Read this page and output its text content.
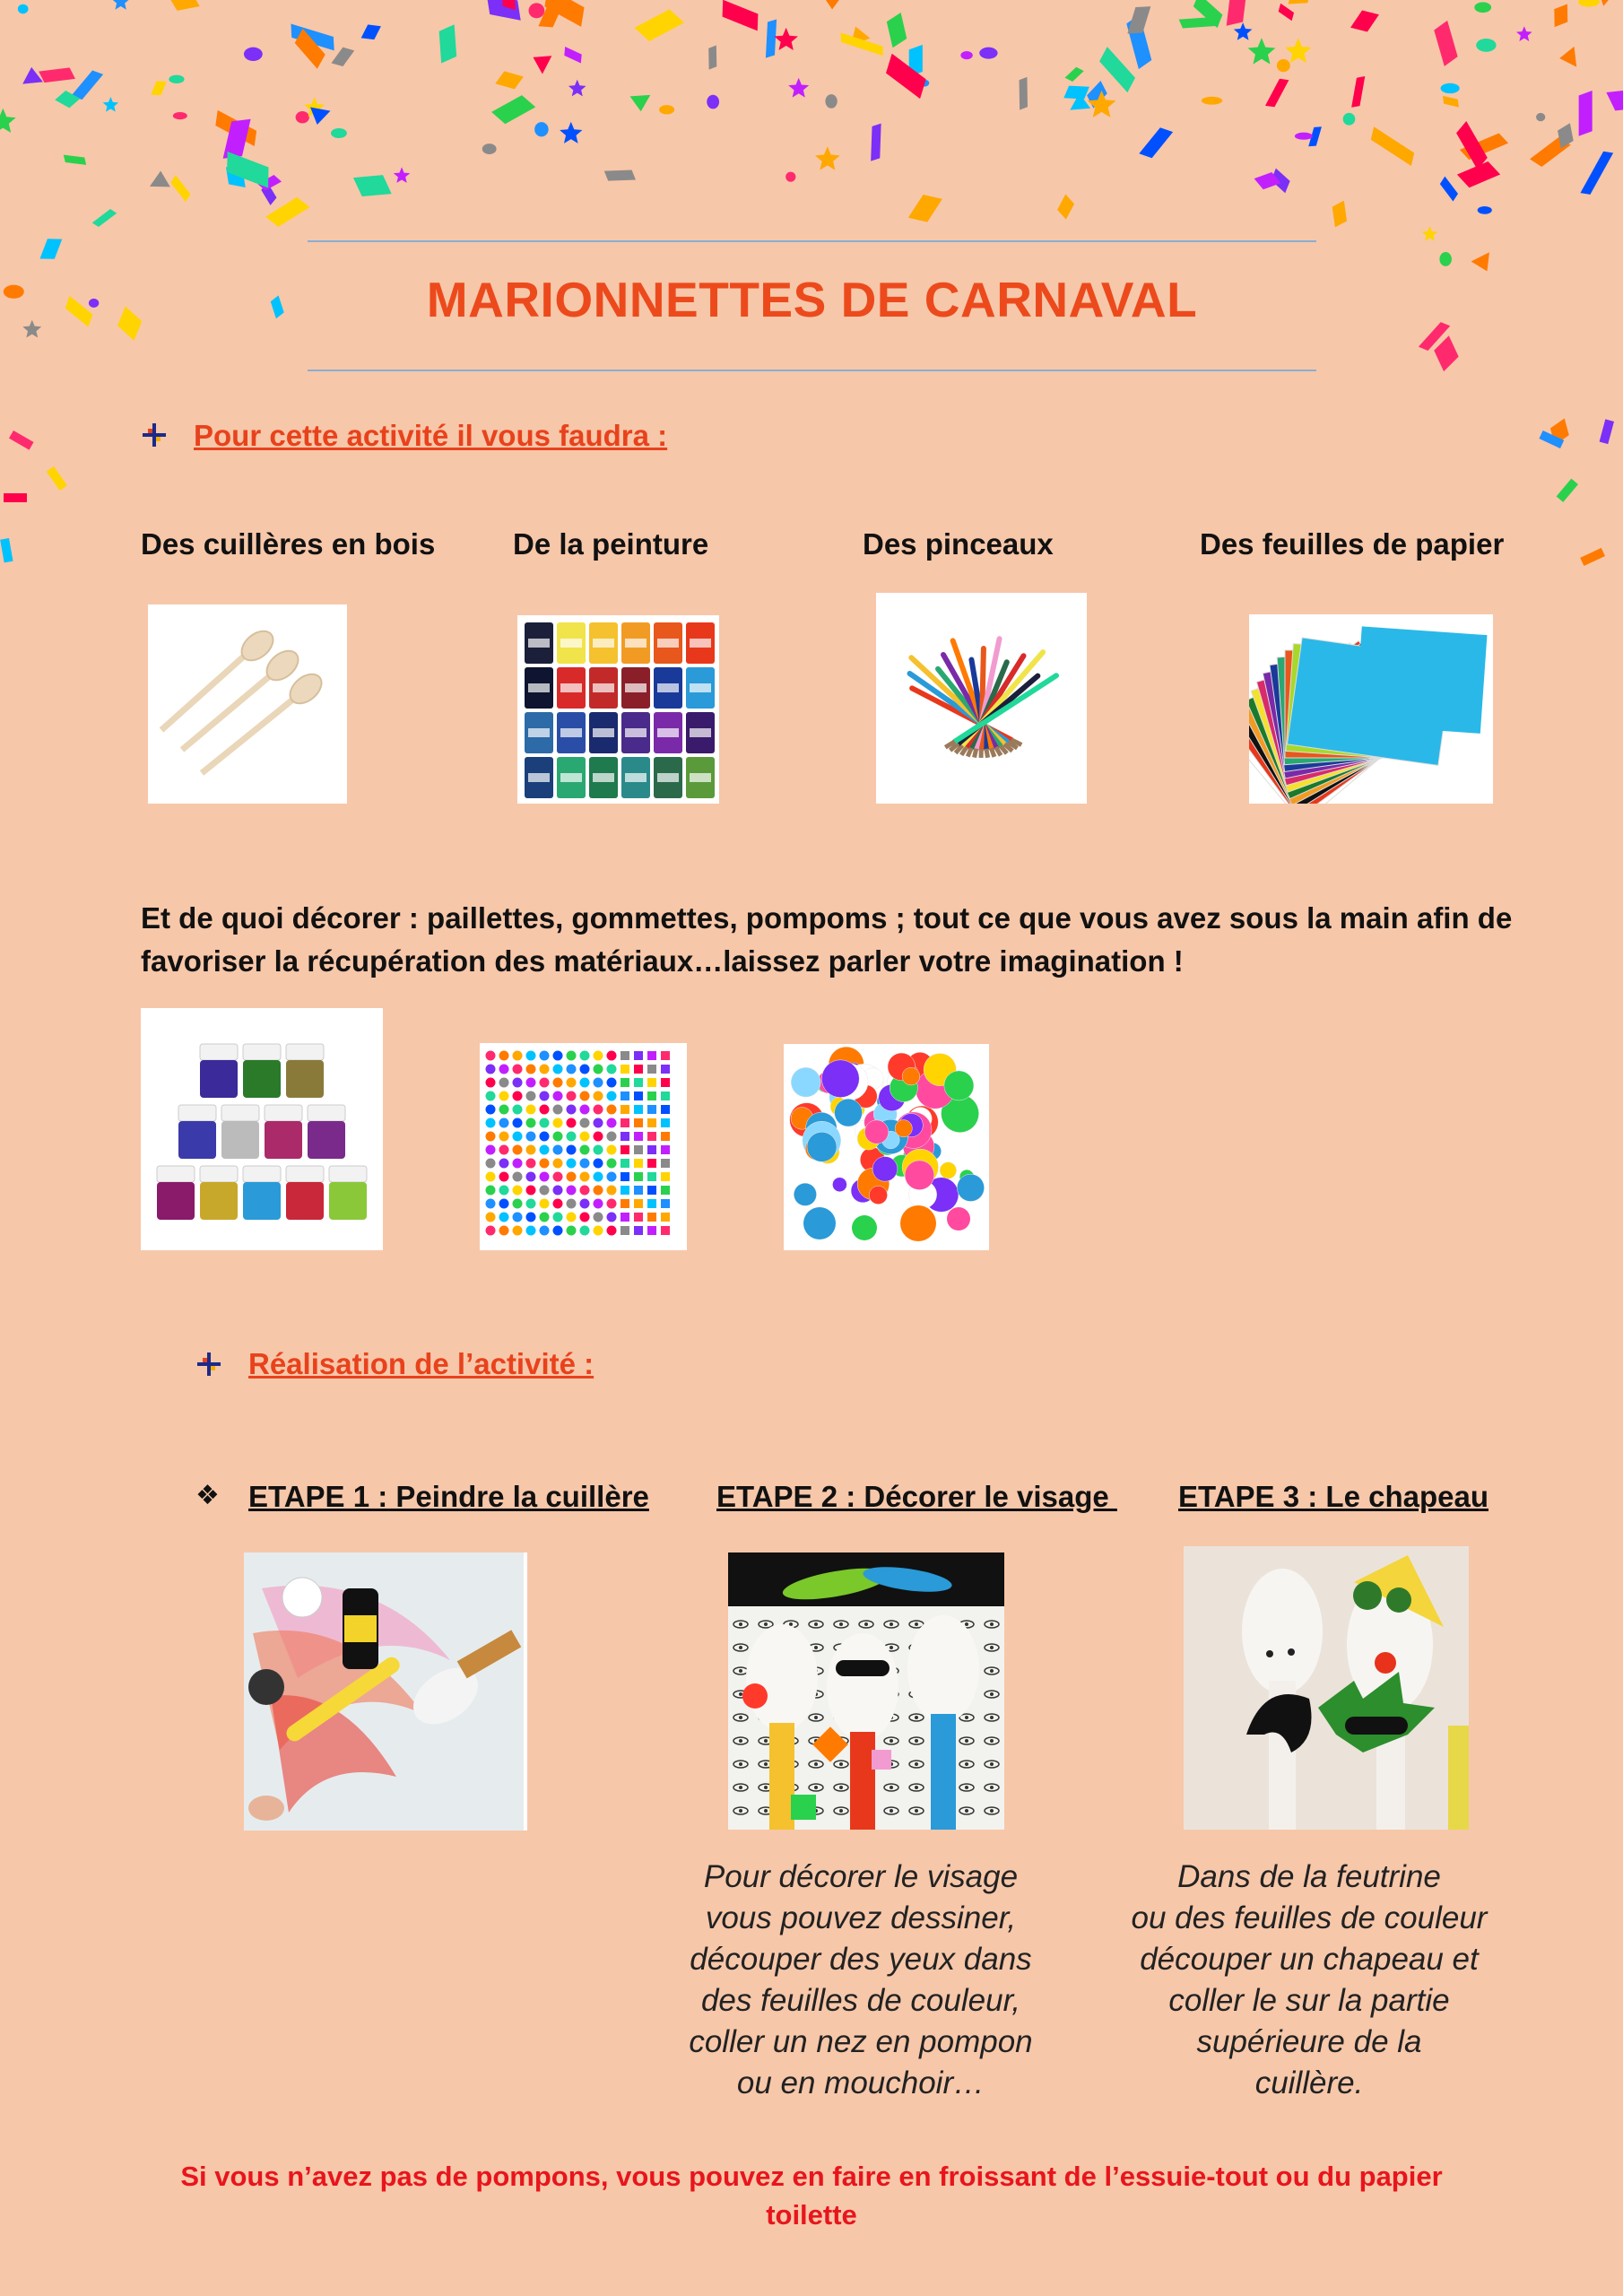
MARIONNETTES DE CARNAVAL
Pour cette activité il vous faudra :
Des cuillères en bois	De la peinture	Des pinceaux	Des feuilles de papier
Et de quoi décorer : paillettes, gommettes, pompoms ; tout ce que vous avez sous la main afin de favoriser la récupération des matériaux…laissez parler votre imagination !
Réalisation de l’activité :
❖ ETAPE 1 : Peindre la cuillère ETAPE 2 : Décorer le visage ETAPE 3 : Le chapeau
Pour décorer le visage
vous pouvez dessiner,
découper des yeux dans
des feuilles de couleur,
coller un nez en pompon
ou en mouchoir…
Dans de la feutrine
ou des feuilles de couleur
découper un chapeau et
coller le sur la partie
supérieure de la
cuillère.
Si vous n’avez pas de pompons, vous pouvez en faire en froissant de l’essuie-tout ou du papier toilette
